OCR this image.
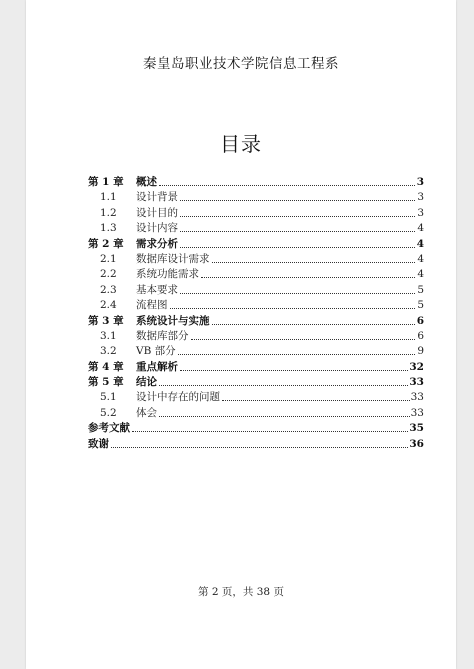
秦皇岛职业技术学院信息工程系
目录
第 1 章	概述	3
1.1	设计背景	3
1.2	设计目的	3
1.3	设计内容	4
第 2 章	需求分析	4
2.1	数据库设计需求	4
2.2	系统功能需求	4
2.3	基本要求	5
2.4	流程图	5
第 3 章	系统设计与实施	6
3.1	数据库部分	6
3.2	VB 部分	9
第 4 章	重点解析	32
第 5 章	结论	33
5.1	设计中存在的问题	33
5.2	体会	33
参考文献	35
致谢	36
第 2 页，共 38 页
